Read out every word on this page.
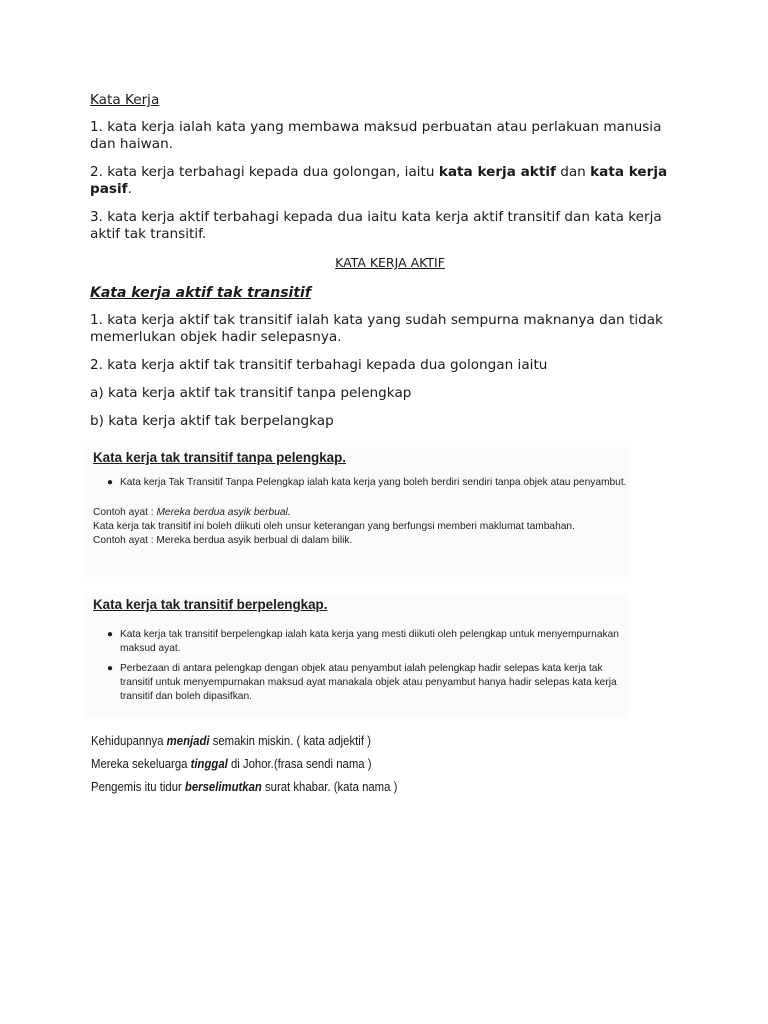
Kata Kerja

1. kata kerja ialah kata yang membawa maksud perbuatan atau perlakuan manusia dan haiwan.

2. kata kerja terbahagi kepada dua golongan, iaitu kata kerja aktif dan kata kerja pasif.

3. kata kerja aktif terbahagi kepada dua iaitu kata kerja aktif transitif dan kata kerja aktif tak transitif.

KATA KERJA AKTIF

Kata kerja aktif tak transitif

1. kata kerja aktif tak transitif ialah kata yang sudah sempurna maknanya dan tidak memerlukan objek hadir selepasnya.

2. kata kerja aktif tak transitif terbahagi kepada dua golongan iaitu

a) kata kerja aktif tak transitif tanpa pelengkap

b) kata kerja aktif tak berpelangkap

Kata kerja tak transitif tanpa pelengkap.
● Kata kerja Tak Transitif Tanpa Pelengkap ialah kata kerja yang boleh berdiri sendiri tanpa objek atau penyambut.
Contoh ayat : Mereka berdua asyik berbual.
Kata kerja tak transitif ini boleh diikuti oleh unsur keterangan yang berfungsi memberi maklumat tambahan.
Contoh ayat : Mereka berdua asyik berbual di dalam bilik.
Kata kerja tak transitif berpelengkap.
● Kata kerja tak transitif berpelengkap ialah kata kerja yang mesti diikuti oleh pelengkap untuk menyempurnakan maksud ayat.
● Perbezaan di antara pelengkap dengan objek atau penyambut ialah pelengkap hadir selepas kata kerja tak transitif untuk menyempurnakan maksud ayat manakala objek atau penyambut hanya hadir selepas kata kerja transitif dan boleh dipasifkan.
Kehidupannya menjadi semakin miskin. ( kata adjektif )
Mereka sekeluarga tinggal di Johor.(frasa sendi nama )
Pengemis itu tidur berselimutkan surat khabar. (kata nama )
